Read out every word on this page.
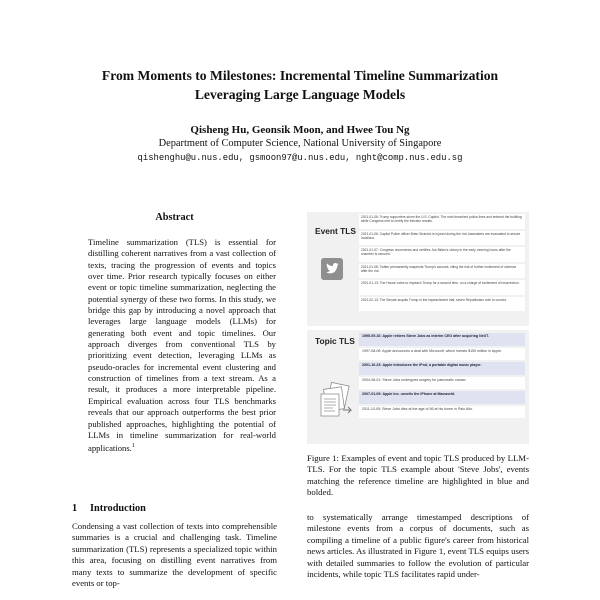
From Moments to Milestones: Incremental Timeline Summarization
Leveraging Large Language Models
Qisheng Hu, Geonsik Moon, and Hwee Tou Ng
Department of Computer Science, National University of Singapore
qishenghu@u.nus.edu, gsmoon97@u.nus.edu, nght@comp.nus.edu.sg
Abstract
Timeline summarization (TLS) is essential for distilling coherent narratives from a vast collection of texts, tracing the progression of events and topics over time. Prior research typically focuses on either event or topic timeline summarization, neglecting the potential synergy of these two forms. In this study, we bridge this gap by introducing a novel approach that leverages large language models (LLMs) for generating both event and topic timelines. Our approach diverges from conventional TLS by prioritizing event detection, leveraging LLMs as pseudo-oracles for incremental event clustering and construction of timelines from a text stream. As a result, it produces a more interpretable pipeline. Empirical evaluation across four TLS benchmarks reveals that our approach outperforms the best prior published approaches, highlighting the potential of LLMs in timeline summarization for real-world applications.$^1$
1 Introduction
Condensing a vast collection of texts into comprehensible summaries is a crucial and challenging task. Timeline summarization (TLS) represents a specialized topic within this area, focusing on distilling event narratives from many texts to summarize the development of specific events or top-
to systematically arrange timestamped descriptions of milestone events from a corpus of documents, such as compiling a timeline of a public figure's career from historical news articles. As illustrated in Figure 1, event TLS equips users with detailed summaries to follow the evolution of particular incidents, while topic TLS facilitates rapid under-
Event TLS
2021-01-06: Trump supporters storm the U.S. Capitol. The mob breached police lines and entered the building while Congress met to certify the election results.
2021-01-06: Capitol Police officer Brian Sicknick is injured during the riot; lawmakers are evacuated to secure locations.
2021-01-07: Congress reconvenes and certifies Joe Biden's victory in the early morning hours after the chamber is secured.
2021-01-08: Twitter permanently suspends Trump's account, citing the risk of further incitement of violence after the riot.
2021-01-13: The House votes to impeach Trump for a second time, on a charge of incitement of insurrection.
2021-02-13: The Senate acquits Trump in the impeachment trial; seven Republicans vote to convict.
Topic TLS	1995-09-16: Apple rehires Steve Jobs as interim CEO after acquiring NeXT.
1997-08-06: Apple announces a deal with Microsoft, which invests $150 million in Apple.
2001-10-23: Apple introduces the iPod, a portable digital music player.
2004-08-01: Steve Jobs undergoes surgery for pancreatic cancer.
2007-01-09: Apple Inc. unveils the iPhone at Macworld.
2011-10-05: Steve Jobs dies at the age of 56 at his home in Palo Alto.
Figure 1: Examples of event and topic TLS produced by LLM-TLS. For the topic TLS example about 'Steve Jobs', events matching the reference timeline are highlighted in blue and bolded.
